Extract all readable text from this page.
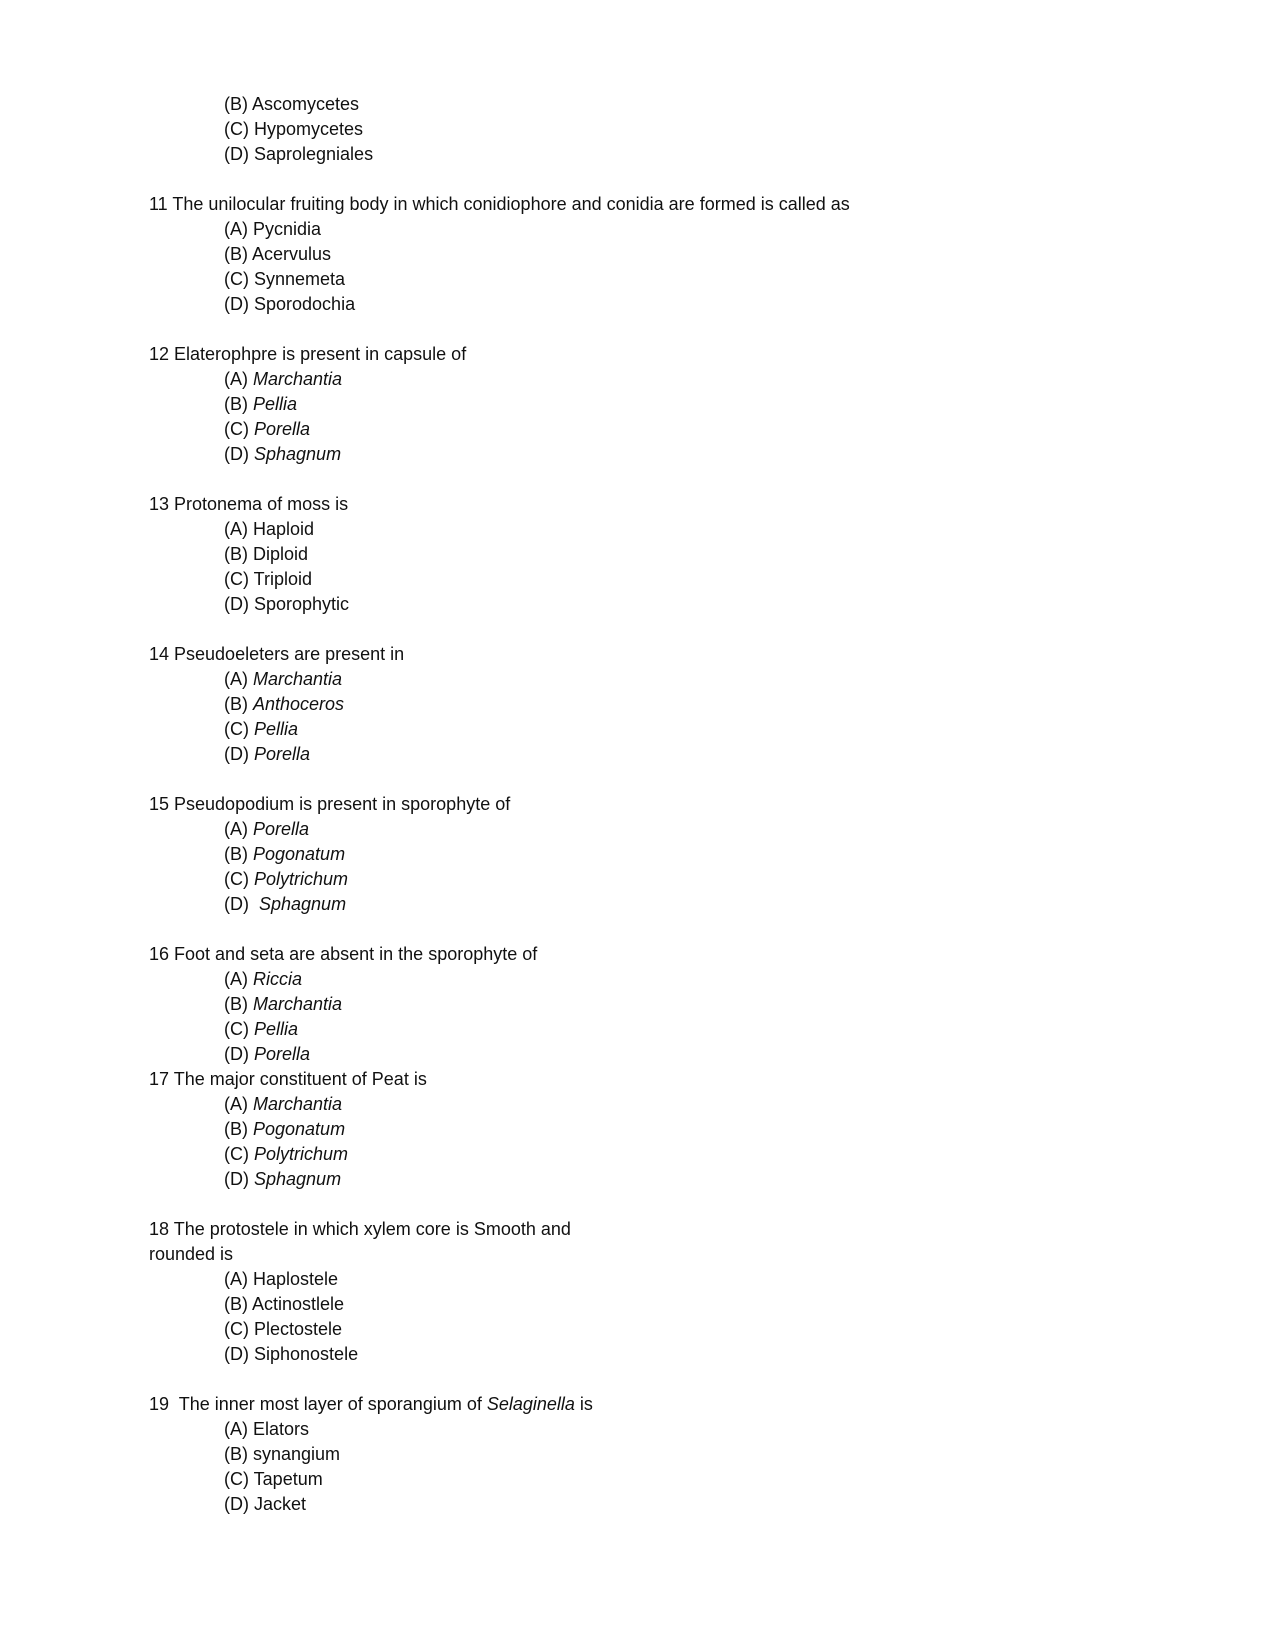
(B) Ascomycetes
(C) Hypomycetes
(D) Saprolegniales
11 The unilocular fruiting body in which conidiophore and conidia are formed is called as
(A) Pycnidia
(B) Acervulus
(C) Synnemeta
(D) Sporodochia
12 Elaterophpre is present in capsule of
(A) Marchantia
(B) Pellia
(C) Porella
(D) Sphagnum
13 Protonema of moss is
(A) Haploid
(B) Diploid
(C) Triploid
(D) Sporophytic
14 Pseudoeleters are present in
(A) Marchantia
(B) Anthoceros
(C) Pellia
(D) Porella
15 Pseudopodium is present in sporophyte of
(A) Porella
(B) Pogonatum
(C) Polytrichum
(D)  Sphagnum
16 Foot and seta are absent in the sporophyte of
(A) Riccia
(B) Marchantia
(C) Pellia
(D) Porella
17 The major constituent of Peat is
(A) Marchantia
(B) Pogonatum
(C) Polytrichum
(D) Sphagnum
18 The protostele in which xylem core is Smooth and
rounded is
(A) Haplostele
(B) Actinostlele
(C) Plectostele
(D) Siphonostele
19  The inner most layer of sporangium of Selaginella is
(A) Elators
(B) synangium
(C) Tapetum
(D) Jacket
